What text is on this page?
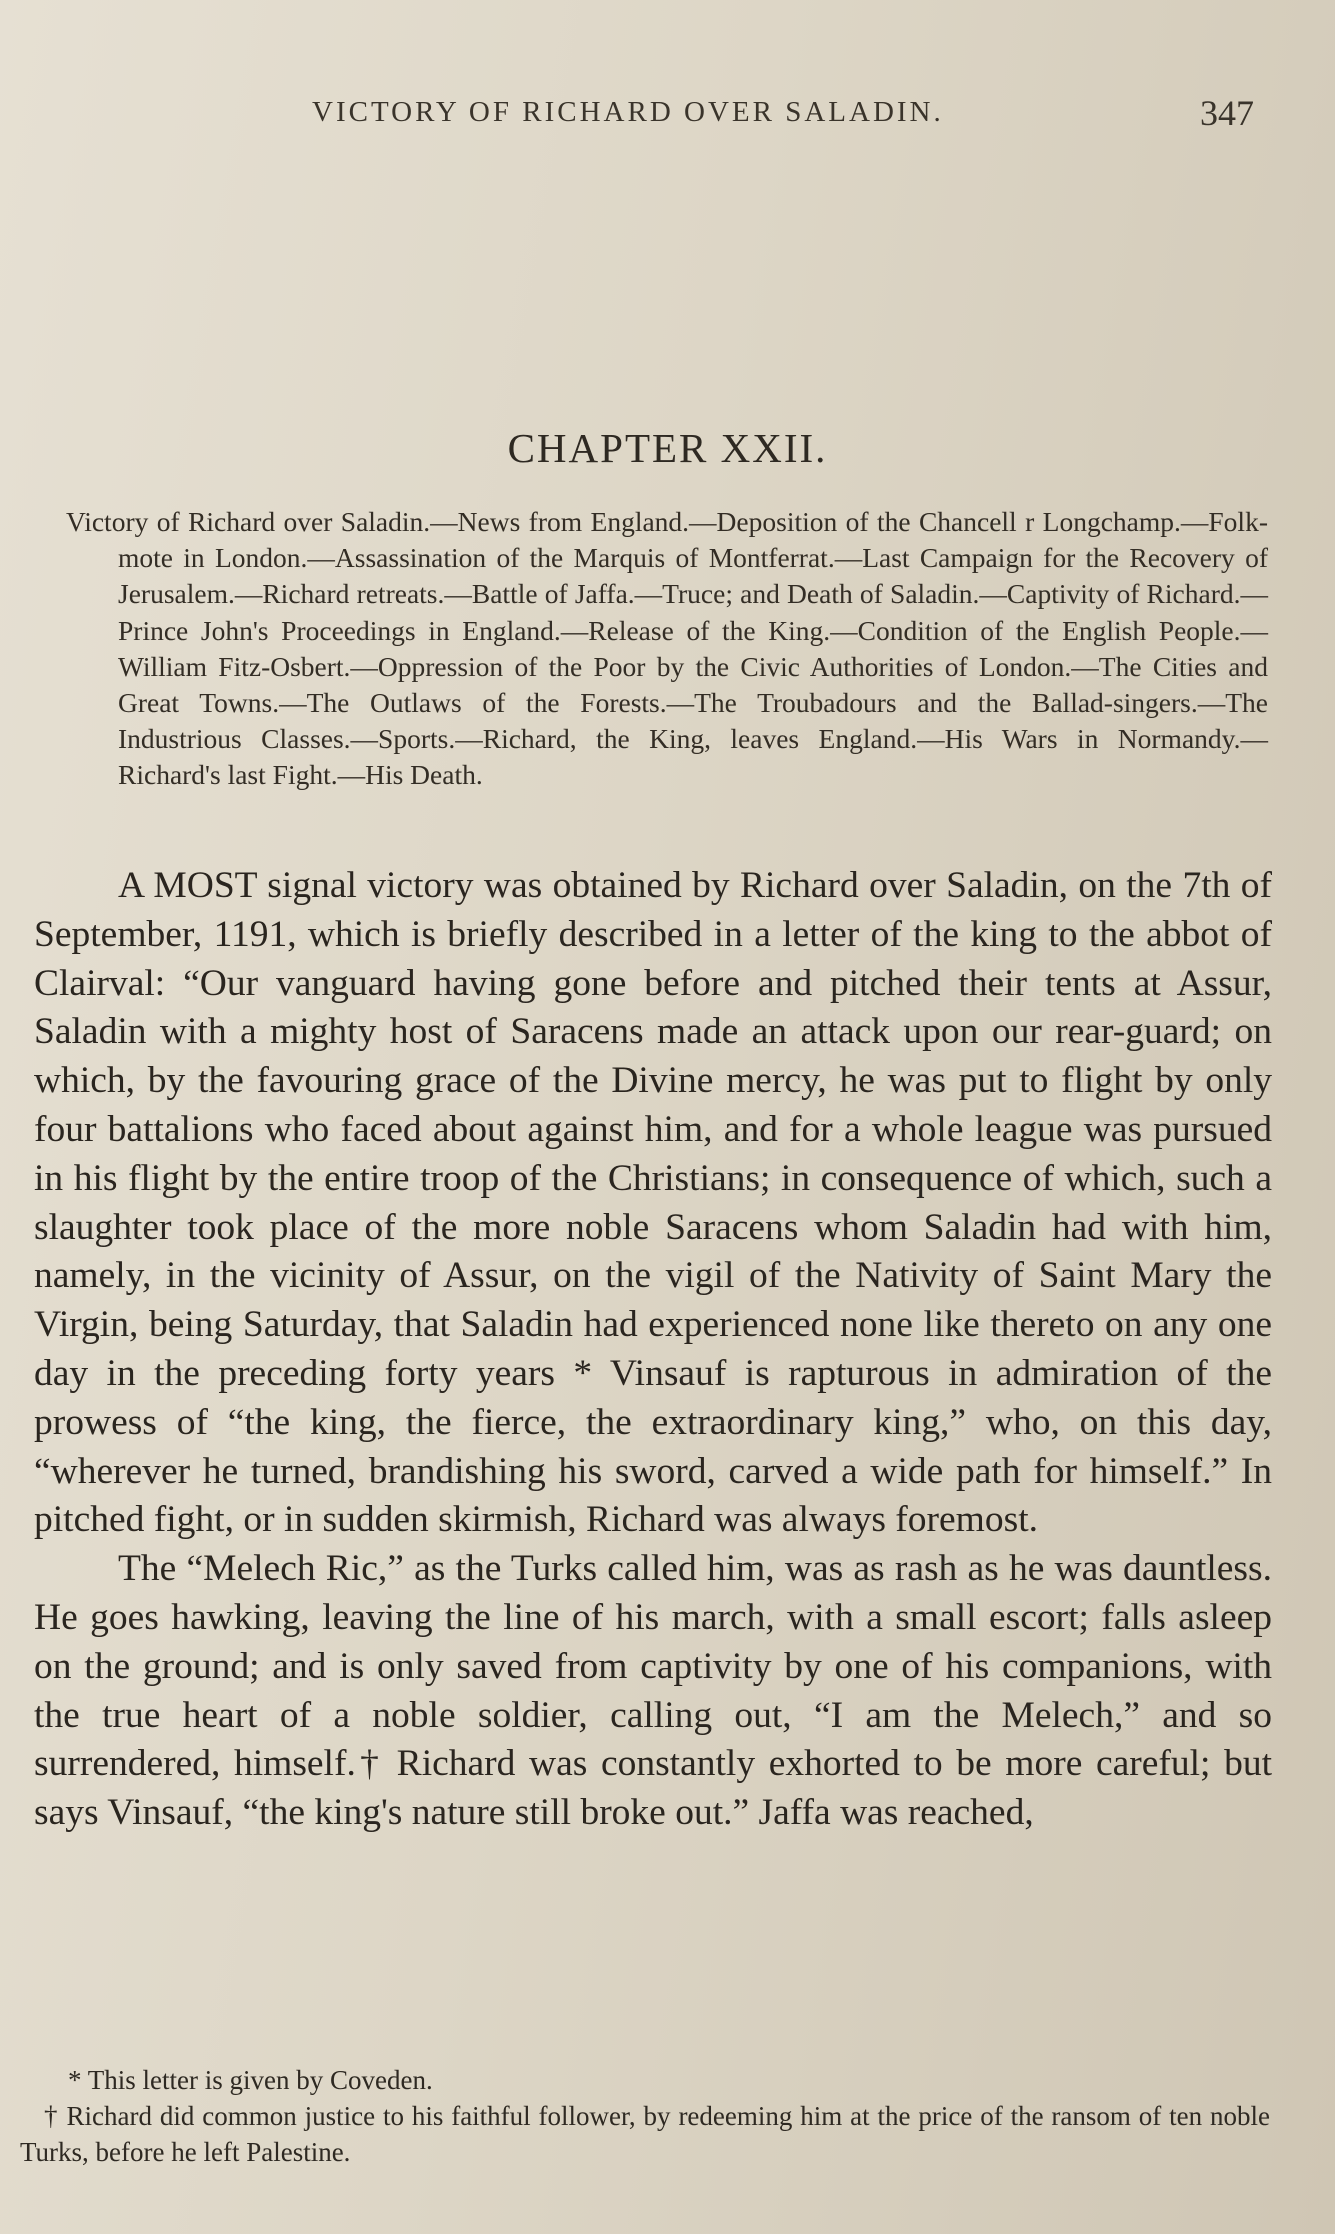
VICTORY OF RICHARD OVER SALADIN.	347
CHAPTER XXII.
Victory of Richard over Saladin.—News from England.—Deposition of the Chancell r Longchamp.—Folk-mote in London.—Assassination of the Marquis of Montferrat.—Last Campaign for the Recovery of Jerusalem.—Richard retreats.—Battle of Jaffa.—Truce; and Death of Saladin.—Captivity of Richard.—Prince John's Proceedings in England.—Release of the King.—Condition of the English People.—William Fitz-Osbert.—Oppression of the Poor by the Civic Authorities of London.—The Cities and Great Towns.—The Outlaws of the Forests.—The Troubadours and the Ballad-singers.—The Industrious Classes.—Sports.—Richard, the King, leaves England.—His Wars in Normandy.—Richard's last Fight.—His Death.

A MOST signal victory was obtained by Richard over Saladin, on the 7th of September, 1191, which is briefly described in a letter of the king to the abbot of Clairval: “Our vanguard having gone before and pitched their tents at Assur, Saladin with a mighty host of Saracens made an attack upon our rear-guard; on which, by the favouring grace of the Divine mercy, he was put to flight by only four battalions who faced about against him, and for a whole league was pursued in his flight by the entire troop of the Christians; in consequence of which, such a slaughter took place of the more noble Saracens whom Saladin had with him, namely, in the vicinity of Assur, on the vigil of the Nativity of Saint Mary the Virgin, being Saturday, that Saladin had experienced none like thereto on any one day in the preceding forty years * Vinsauf is rapturous in admiration of the prowess of “the king, the fierce, the extraordinary king,” who, on this day, “wherever he turned, brandishing his sword, carved a wide path for himself.” In pitched fight, or in sudden skirmish, Richard was always foremost.

The “Melech Ric,” as the Turks called him, was as rash as he was dauntless. He goes hawking, leaving the line of his march, with a small escort; falls asleep on the ground; and is only saved from captivity by one of his companions, with the true heart of a noble soldier, calling out, “I am the Melech,” and so surrendered, himself.† Richard was constantly exhorted to be more careful; but says Vinsauf, “the king's nature still broke out.” Jaffa was reached,

* This letter is given by Coveden.

† Richard did common justice to his faithful follower, by redeeming him at the price of the ransom of ten noble Turks, before he left Palestine.
